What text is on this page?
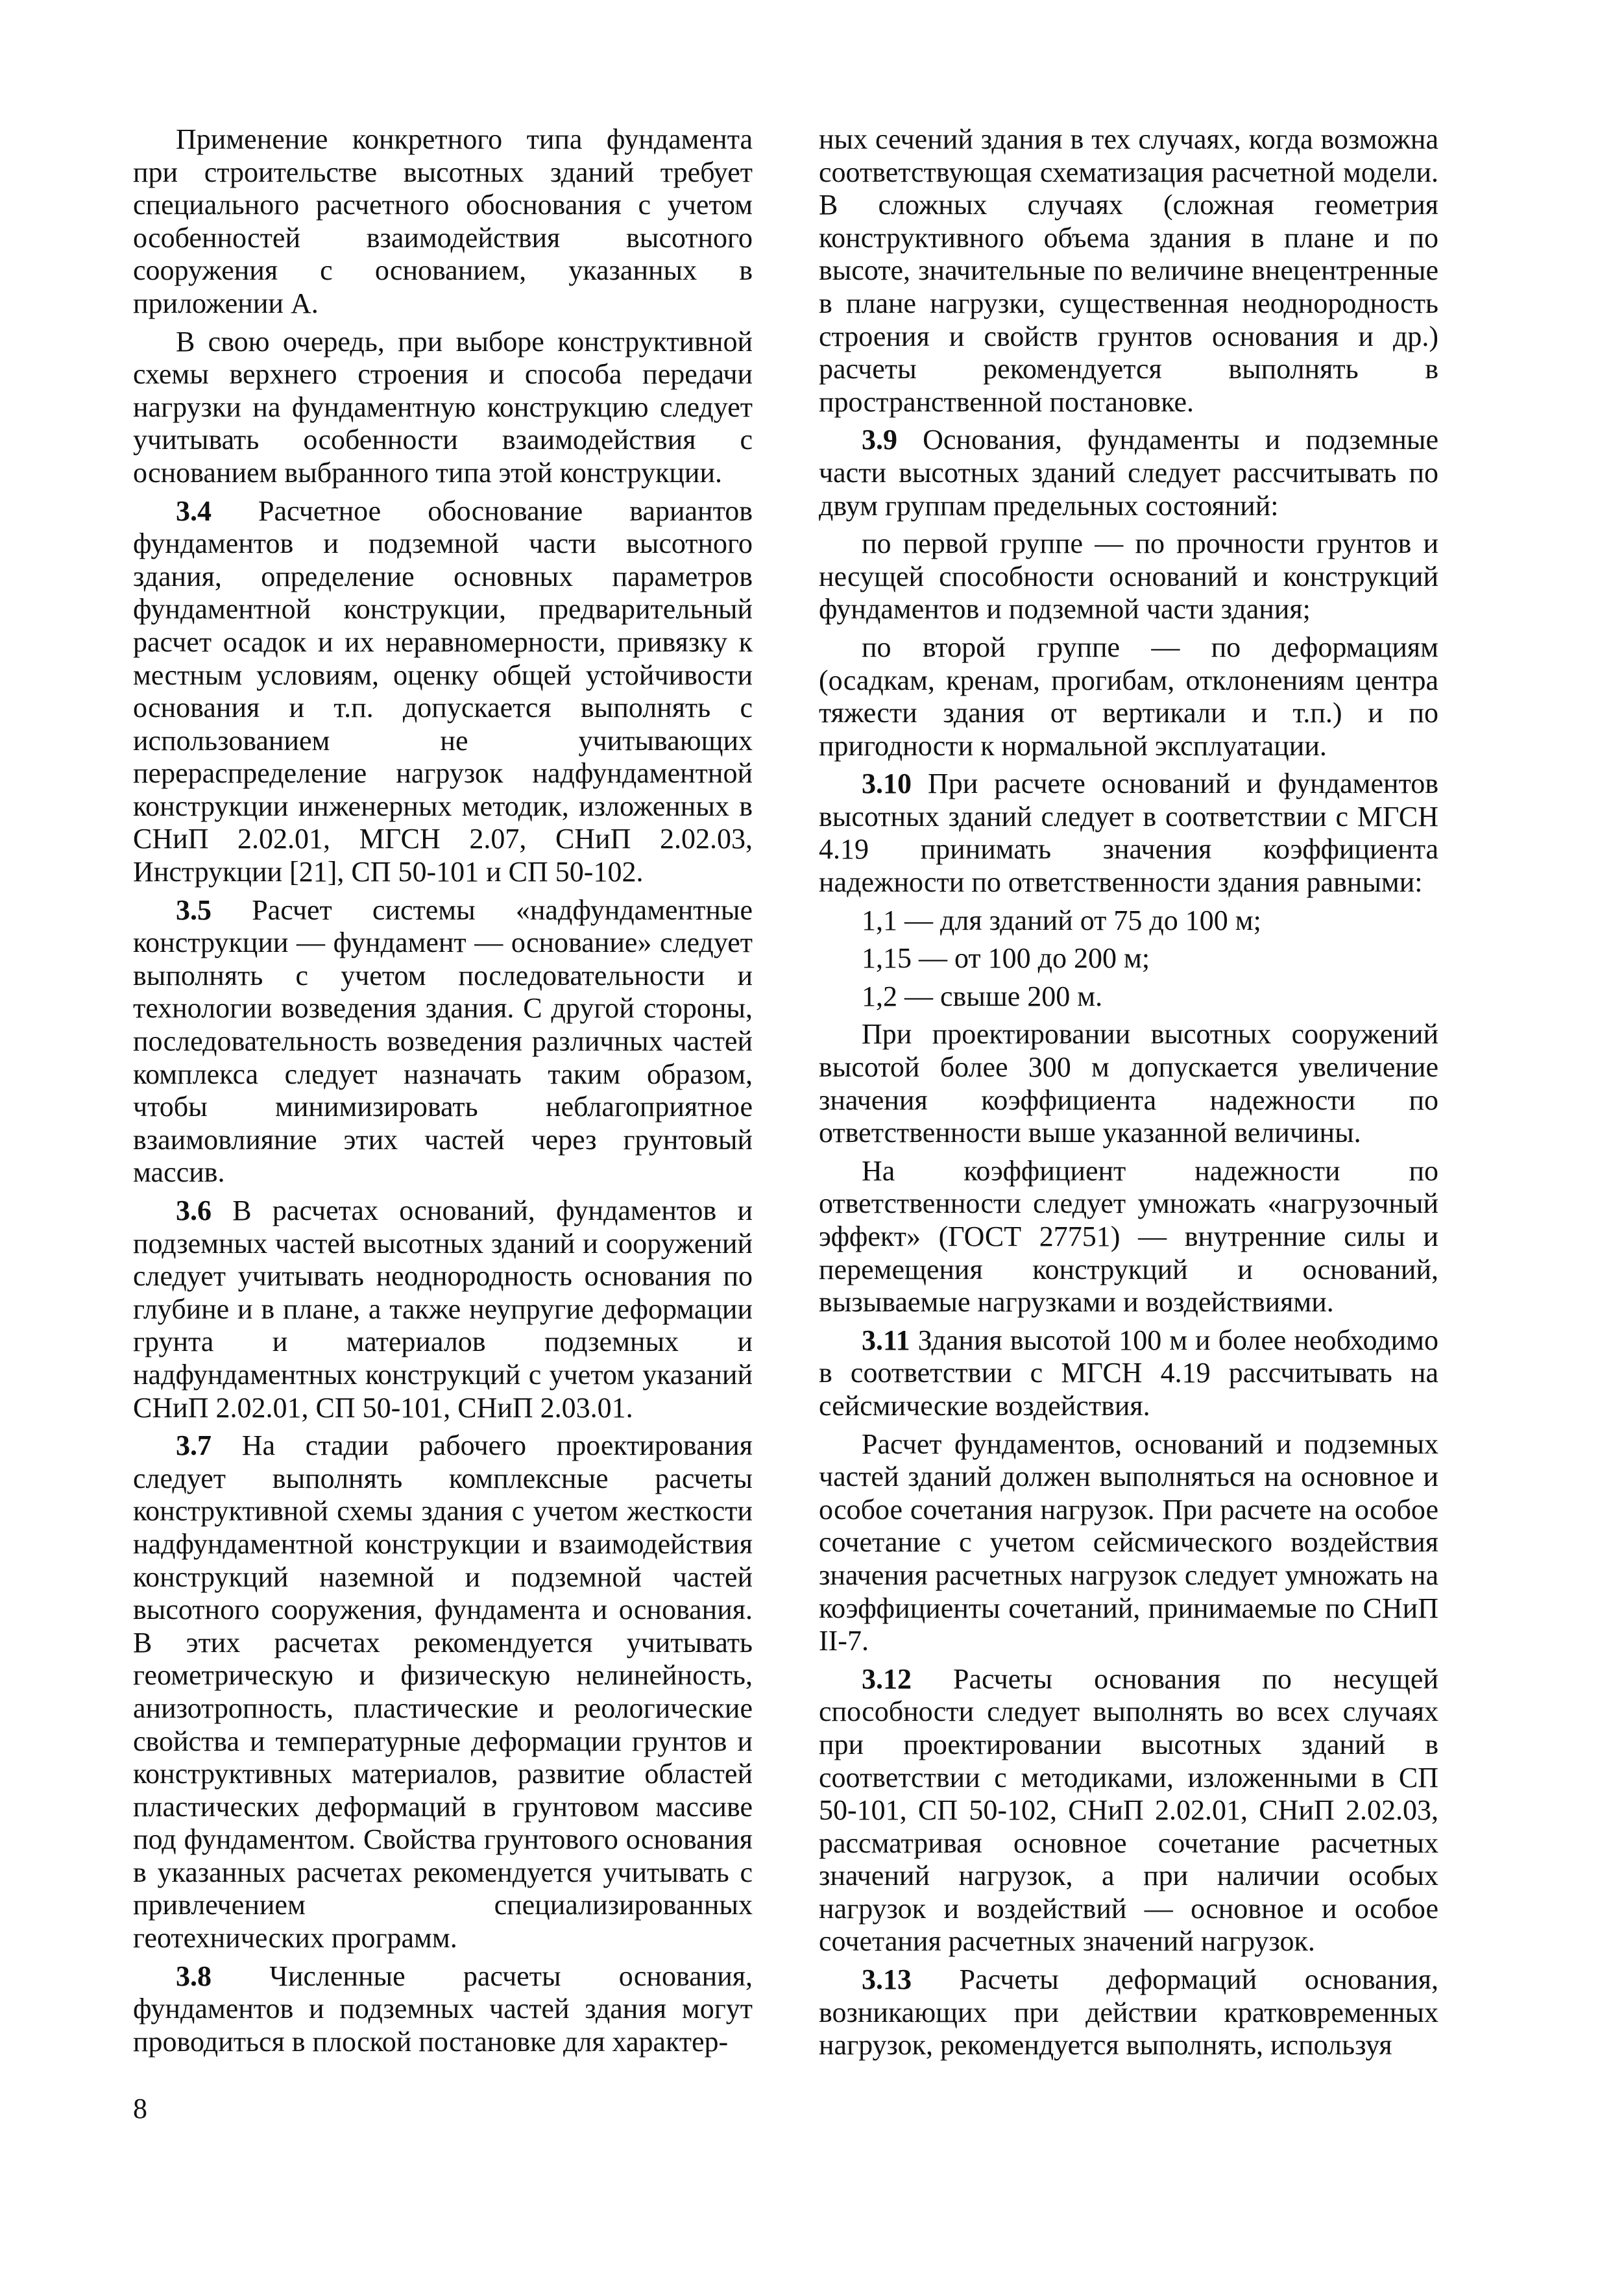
Применение конкретного типа фундамента при строительстве высотных зданий требует специального расчетного обоснования с учетом особенностей взаимодействия высотного сооружения с основанием, указанных в приложении А.

В свою очередь, при выборе конструктивной схемы верхнего строения и способа передачи нагрузки на фундаментную конструкцию следует учитывать особенности взаимодействия с основанием выбранного типа этой конструкции.

3.4 Расчетное обоснование вариантов фундаментов и подземной части высотного здания, определение основных параметров фундаментной конструкции, предварительный расчет осадок и их неравномерности, привязку к местным условиям, оценку общей устойчивости основания и т.п. допускается выполнять с использованием не учитывающих перераспределение нагрузок надфундаментной конструкции инженерных методик, изложенных в СНиП 2.02.01, МГСН 2.07, СНиП 2.02.03, Инструкции [21], СП 50-101 и СП 50-102.

3.5 Расчет системы «надфундаментные конструкции — фундамент — основание» следует выполнять с учетом последовательности и технологии возведения здания. С другой стороны, последовательность возведения различных частей комплекса следует назначать таким образом, чтобы минимизировать неблагоприятное взаимовлияние этих частей через грунтовый массив.

3.6 В расчетах оснований, фундаментов и подземных частей высотных зданий и сооружений следует учитывать неоднородность основания по глубине и в плане, а также неупругие деформации грунта и материалов подземных и надфундаментных конструкций с учетом указаний СНиП 2.02.01, СП 50-101, СНиП 2.03.01.

3.7 На стадии рабочего проектирования следует выполнять комплексные расчеты конструктивной схемы здания с учетом жесткости надфундаментной конструкции и взаимодействия конструкций наземной и подземной частей высотного сооружения, фундамента и основания. В этих расчетах рекомендуется учитывать геометрическую и физическую нелинейность, анизотропность, пластические и реологические свойства и температурные деформации грунтов и конструктивных материалов, развитие областей пластических деформаций в грунтовом массиве под фундаментом. Свойства грунтового основания в указанных расчетах рекомендуется учитывать с привлечением специализированных геотехнических программ.

3.8 Численные расчеты основания, фундаментов и подземных частей здания могут проводиться в плоской постановке для характер-

ных сечений здания в тех случаях, когда возможна соответствующая схематизация расчетной модели. В сложных случаях (сложная геометрия конструктивного объема здания в плане и по высоте, значительные по величине внецентренные в плане нагрузки, существенная неоднородность строения и свойств грунтов основания и др.) расчеты рекомендуется выполнять в пространственной постановке.

3.9 Основания, фундаменты и подземные части высотных зданий следует рассчитывать по двум группам предельных состояний:

по первой группе — по прочности грунтов и несущей способности оснований и конструкций фундаментов и подземной части здания;

по второй группе — по деформациям (осадкам, кренам, прогибам, отклонениям центра тяжести здания от вертикали и т.п.) и по пригодности к нормальной эксплуатации.

3.10 При расчете оснований и фундаментов высотных зданий следует в соответствии с МГСН 4.19 принимать значения коэффициента надежности по ответственности здания равными:

1,1 — для зданий от 75 до 100 м;

1,15 — от 100 до 200 м;

1,2 — свыше 200 м.

При проектировании высотных сооружений высотой более 300 м допускается увеличение значения коэффициента надежности по ответственности выше указанной величины.

На коэффициент надежности по ответственности следует умножать «нагрузочный эффект» (ГОСТ 27751) — внутренние силы и перемещения конструкций и оснований, вызываемые нагрузками и воздействиями.

3.11 Здания высотой 100 м и более необходимо в соответствии с МГСН 4.19 рассчитывать на сейсмические воздействия.

Расчет фундаментов, оснований и подземных частей зданий должен выполняться на основное и особое сочетания нагрузок. При расчете на особое сочетание с учетом сейсмического воздействия значения расчетных нагрузок следует умножать на коэффициенты сочетаний, принимаемые по СНиП II-7.

3.12 Расчеты основания по несущей способности следует выполнять во всех случаях при проектировании высотных зданий в соответствии с методиками, изложенными в СП 50-101, СП 50-102, СНиП 2.02.01, СНиП 2.02.03, рассматривая основное сочетание расчетных значений нагрузок, а при наличии особых нагрузок и воздействий — основное и особое сочетания расчетных значений нагрузок.

3.13 Расчеты деформаций основания, возникающих при действии кратковременных нагрузок, рекомендуется выполнять, используя

8
